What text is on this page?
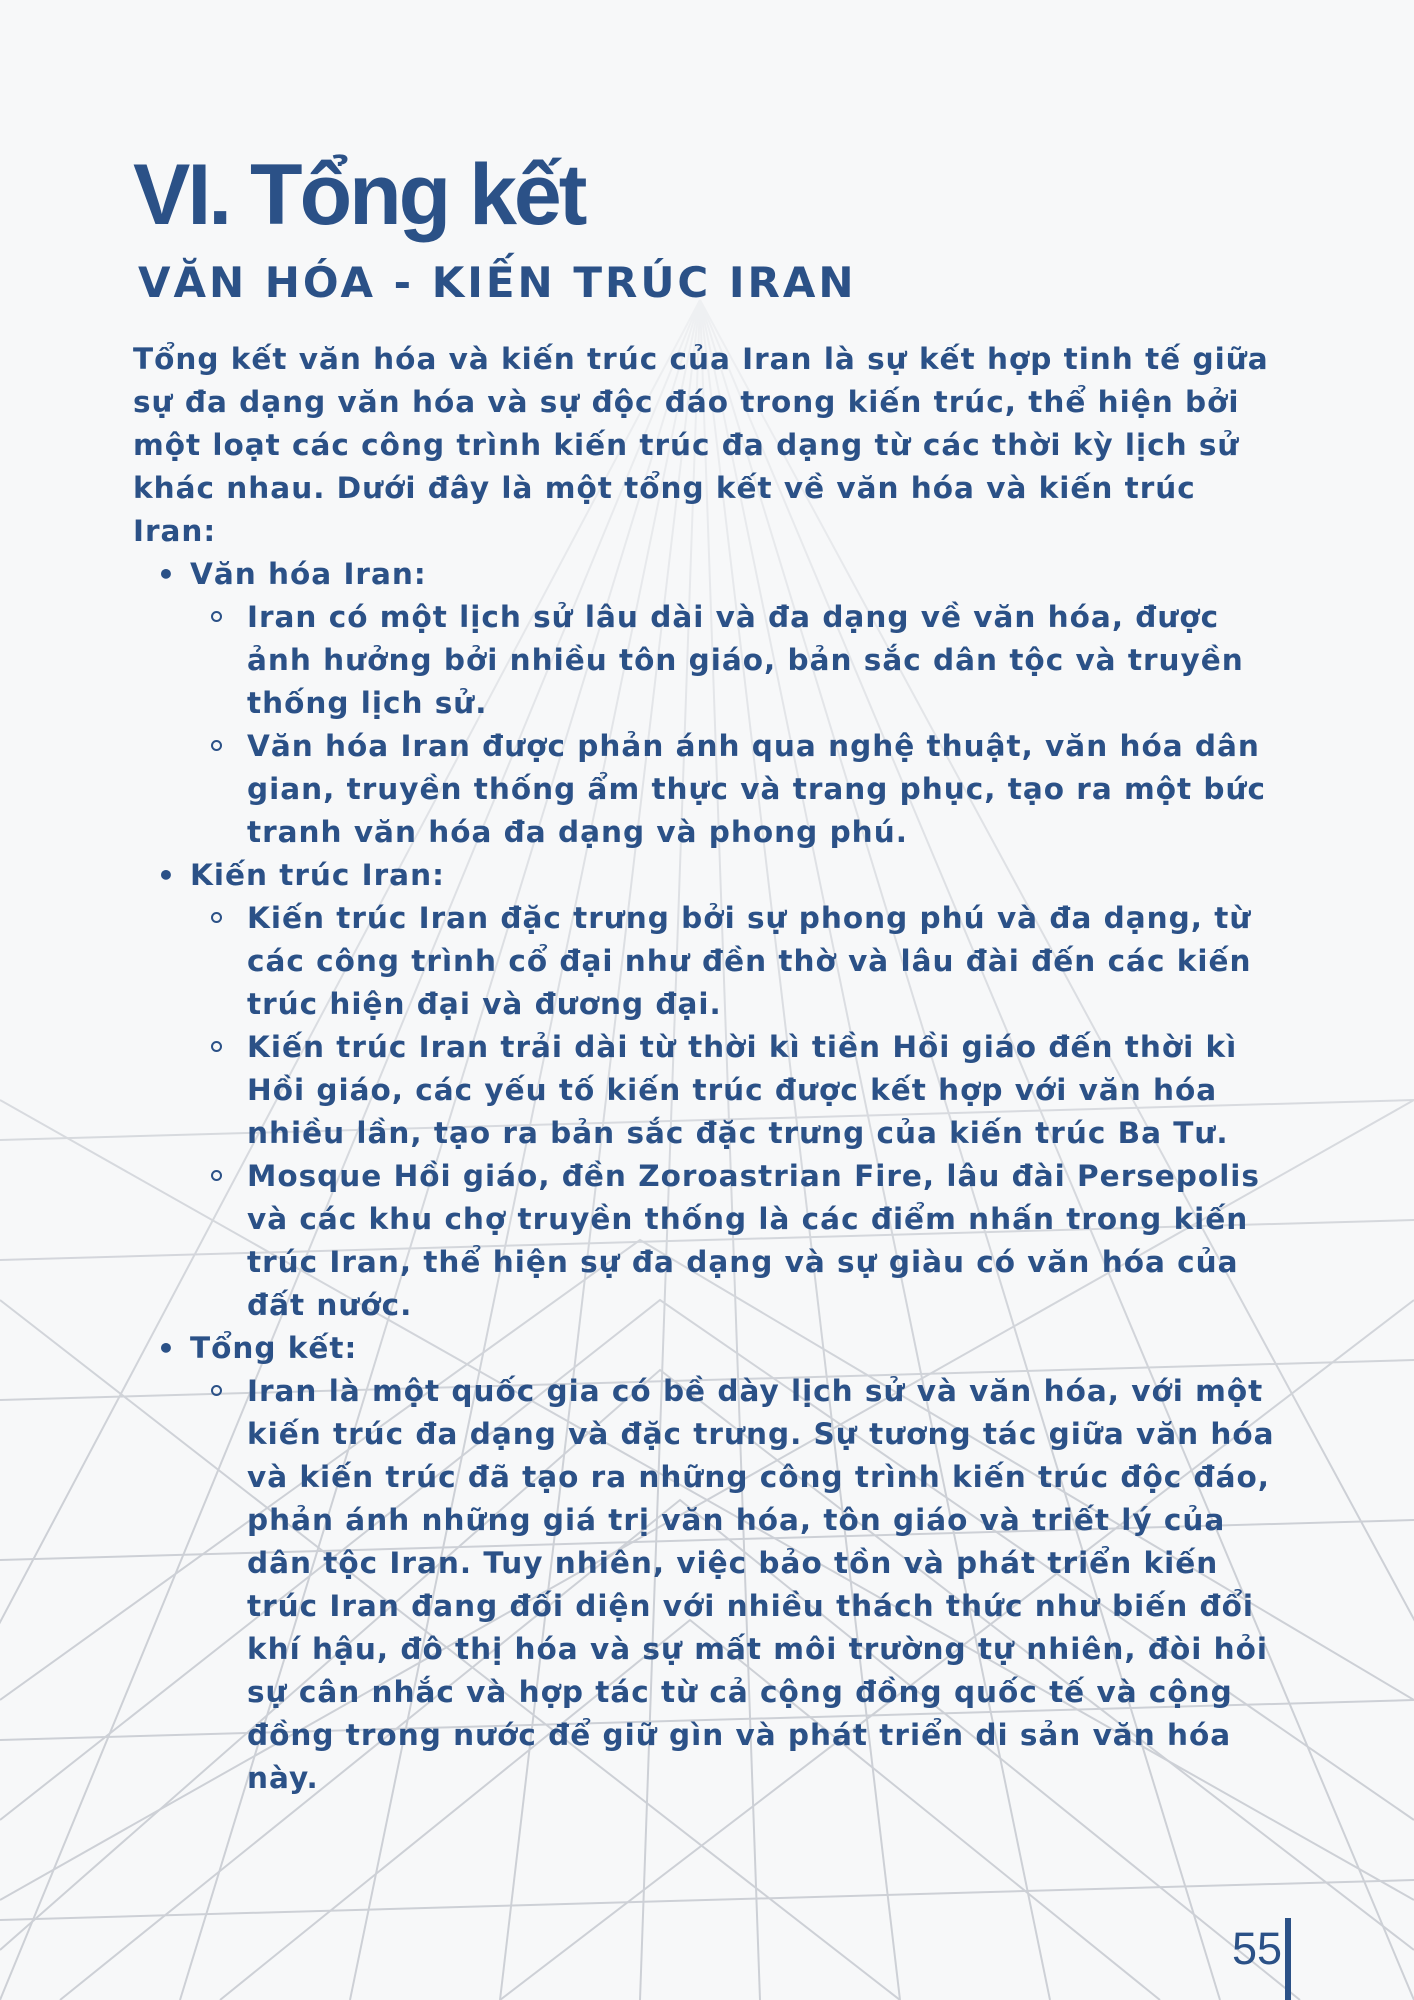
VI. Tổng kết
VĂN HÓA - KIẾN TRÚC IRAN

Tổng kết văn hóa và kiến trúc của Iran là sự kết hợp tinh tế giữa sự đa dạng văn hóa và sự độc đáo trong kiến trúc, thể hiện bởi một loạt các công trình kiến trúc đa dạng từ các thời kỳ lịch sử khác nhau. Dưới đây là một tổng kết về văn hóa và kiến trúc Iran:

• Văn hóa Iran:
Iran có một lịch sử lâu dài và đa dạng về văn hóa, được ảnh hưởng bởi nhiều tôn giáo, bản sắc dân tộc và truyền thống lịch sử.
Văn hóa Iran được phản ánh qua nghệ thuật, văn hóa dân gian, truyền thống ẩm thực và trang phục, tạo ra một bức tranh văn hóa đa dạng và phong phú.
• Kiến trúc Iran:
Kiến trúc Iran đặc trưng bởi sự phong phú và đa dạng, từ các công trình cổ đại như đền thờ và lâu đài đến các kiến trúc hiện đại và đương đại.
Kiến trúc Iran trải dài từ thời kì tiền Hồi giáo đến thời kì Hồi giáo, các yếu tố kiến trúc được kết hợp với văn hóa nhiều lần, tạo ra bản sắc đặc trưng của kiến trúc Ba Tư.
Mosque Hồi giáo, đền Zoroastrian Fire, lâu đài Persepolis và các khu chợ truyền thống là các điểm nhấn trong kiến trúc Iran, thể hiện sự đa dạng và sự giàu có văn hóa của đất nước.
• Tổng kết:
Iran là một quốc gia có bề dày lịch sử và văn hóa, với một kiến trúc đa dạng và đặc trưng. Sự tương tác giữa văn hóa và kiến trúc đã tạo ra những công trình kiến trúc độc đáo, phản ánh những giá trị văn hóa, tôn giáo và triết lý của dân tộc Iran. Tuy nhiên, việc bảo tồn và phát triển kiến trúc Iran đang đối diện với nhiều thách thức như biến đổi khí hậu, đô thị hóa và sự mất môi trường tự nhiên, đòi hỏi sự cân nhắc và hợp tác từ cả cộng đồng quốc tế và cộng đồng trong nước để giữ gìn và phát triển di sản văn hóa này.
55
